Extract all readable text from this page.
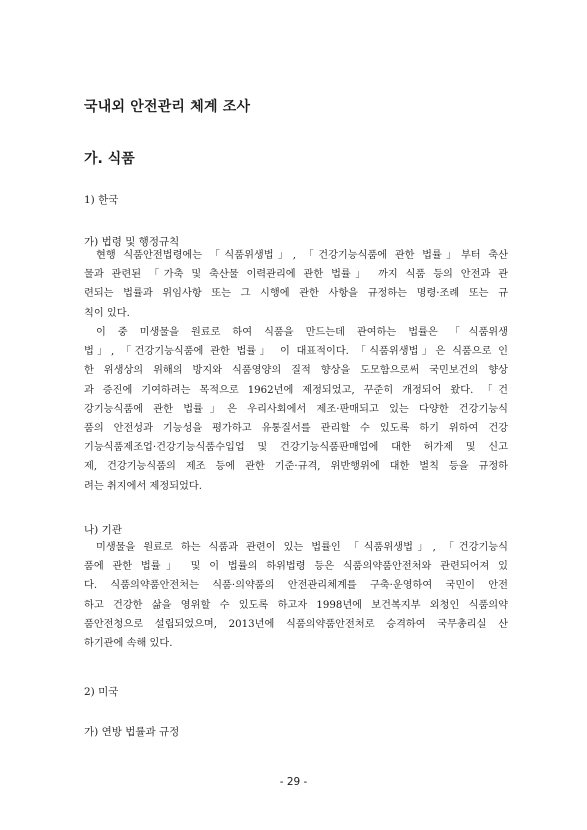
국내외 안전관리 체계 조사
가. 식품
1) 한국
가) 법령 및 행정규칙
현행 식품안전법령에는 「식품위생법」, 「건강기능식품에 관한 법률」부터 축산
물과 관련된 「가축 및 축산물 이력관리에 관한 법률」 까지 식품 등의 안전과 관
련되는 법률과 위임사항 또는 그 시행에 관한 사항을 규정하는 명령·조례 또는 규
칙이 있다.
이 중 미생물을 원료로 하여 식품을 만드는데 관여하는 법률은 「식품위생
법」, 「건강기능식품에 관한 법률」 이 대표적이다. 「식품위생법」은 식품으로 인
한 위생상의 위해의 방지와 식품영양의 질적 향상을 도모함으로써 국민보건의 향상
과 증진에 기여하려는 목적으로 1962년에 제정되었고, 꾸준히 개정되어 왔다. 「건
강기능식품에 관한 법률」은 우리사회에서 제조·판매되고 있는 다양한 건강기능식
품의 안전성과 기능성을 평가하고 유통질서를 관리할 수 있도록 하기 위하여 건강
기능식품제조업·건강기능식품수입업 및 건강기능식품판매업에 대한 허가제 및 신고
제, 건강기능식품의 제조 등에 관한 기준·규격, 위반행위에 대한 벌칙 등을 규정하
려는 취지에서 제정되었다.
나) 기관
미생물을 원료로 하는 식품과 관련이 있는 법률인 「식품위생법」, 「건강기능식
품에 관한 법률」 및 이 법률의 하위법령 등은 식품의약품안전처와 관련되어져 있
다. 식품의약품안전처는 식품·의약품의 안전관리체계를 구축·운영하여 국민이 안전
하고 건강한 삶을 영위할 수 있도록 하고자 1998년에 보건복지부 외청인 식품의약
품안전청으로 설립되었으며, 2013년에 식품의약품안전처로 승격하여 국무총리실 산
하기관에 속해 있다.
2) 미국
가) 연방 법률과 규정
- 29 -
